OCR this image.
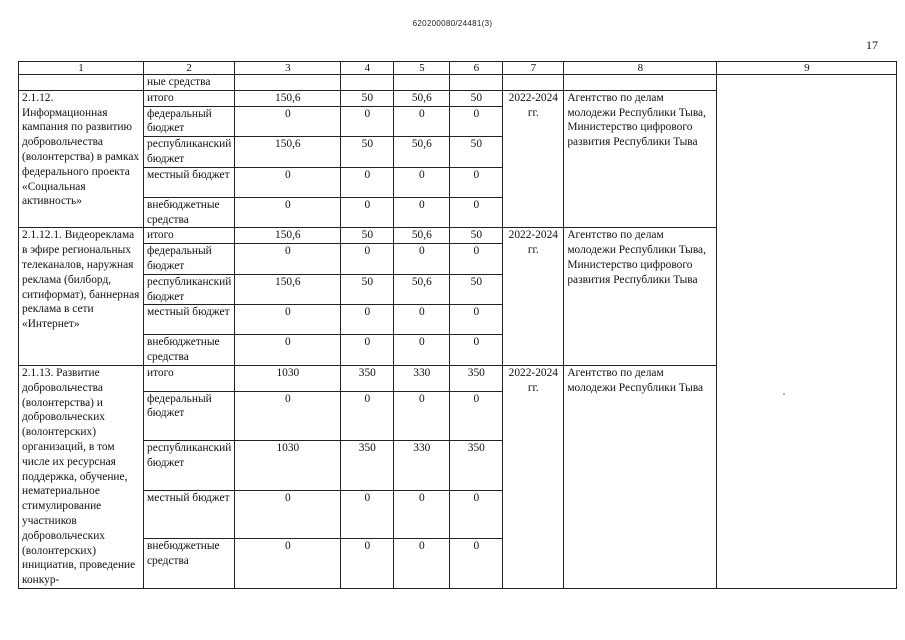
620200080/24481(3)
17
1	2	3	4	5	6	7	8	9
	ные средства							
2.1.12. Информационная кампания по развитию добровольчества (волонтерства) в рамках федерального проекта «Социальная активность»	итого	150,6	50	50,6	50	2022-2024 гг.	Агентство по делам молодежи Республики Тыва, Министерство цифрового развития Республики Тыва	
	федеральный бюджет	0	0	0	0			
	республиканский бюджет	150,6	50	50,6	50			
	местный бюджет	0	0	0	0			
	внебюджетные средства	0	0	0	0			
2.1.12.1. Видеореклама в эфире региональных телеканалов, наружная реклама (билборд, ситиформат), баннерная реклама в сети «Интернет»	итого	150,6	50	50,6	50	2022-2024 гг.	Агентство по делам молодежи Республики Тыва, Министерство цифрового развития Республики Тыва	
	федеральный бюджет	0	0	0	0			
	республиканский бюджет	150,6	50	50,6	50			
	местный бюджет	0	0	0	0			
	внебюджетные средства	0	0	0	0			
2.1.13. Развитие добровольчества (волонтерства) и добровольческих (волонтерских) организаций, в том числе их ресурсная поддержка, обучение, нематериальное стимулирование участников добровольческих (волонтерских) инициатив, проведение конкур-	итого	1030	350	330	350	2022-2024 гг.	Агентство по делам молодежи Республики Тыва	
	федеральный бюджет	0	0	0	0			
	республиканский бюджет	1030	350	330	350			
	местный бюджет	0	0	0	0			
	внебюджетные средства	0	0	0	0			
